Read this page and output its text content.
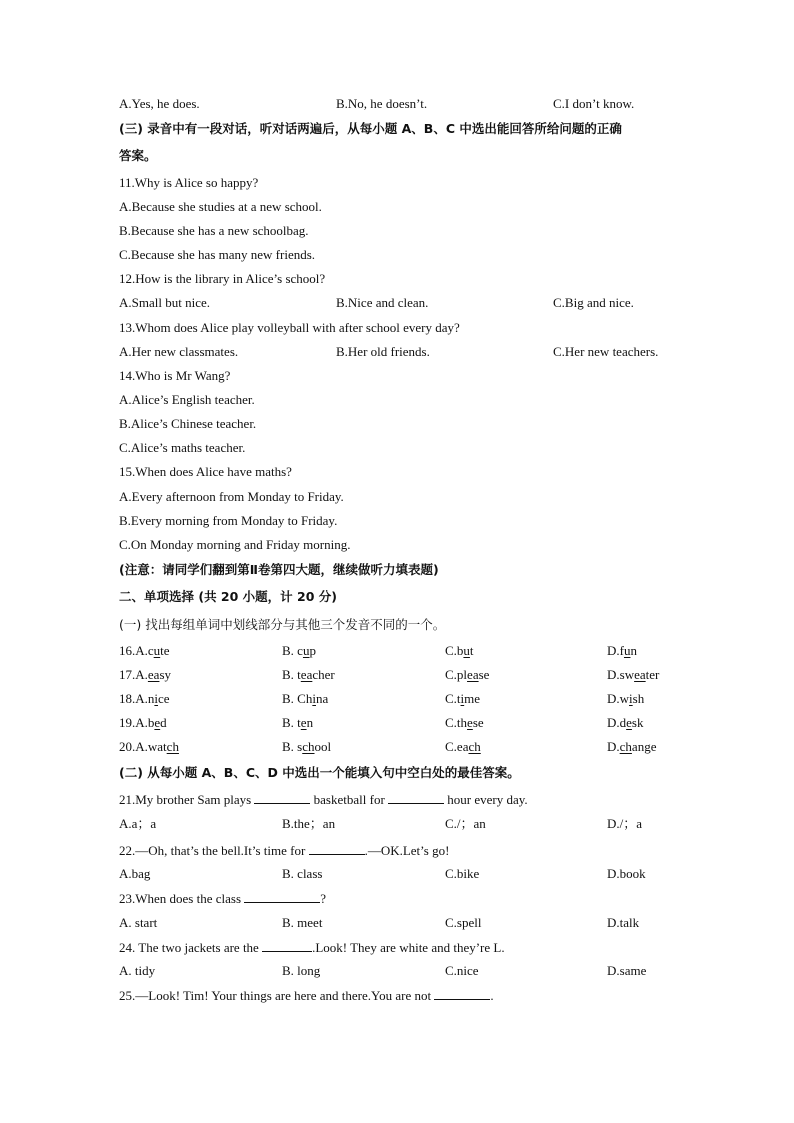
A.Yes, he does.	B.No, he doesn’t.	C.I don’t know.
(三) 录音中有一段对话，听对话两遍后，从每小题 A、B、C 中选出能回答所给问题的正确
答案。
11.Why is Alice so happy?
A.Because she studies at a new school.
B.Because she has a new schoolbag.
C.Because she has many new friends.
12.How is the library in Alice’s school?
A.Small but nice.	B.Nice and clean.	C.Big and nice.
13.Whom does Alice play volleyball with after school every day?
A.Her new classmates.	B.Her old friends.	C.Her new teachers.
14.Who is Mr Wang?
A.Alice’s English teacher.
B.Alice’s Chinese teacher.
C.Alice’s maths teacher.
15.When does Alice have maths?
A.Every afternoon from Monday to Friday.
B.Every morning from Monday to Friday.
C.On Monday morning and Friday morning.
(注意：请同学们翻到第Ⅱ卷第四大题，继续做听力填表题)
二、单项选择 (共 20 小题，计 20 分)
(一) 找出每组单词中划线部分与其他三个发音不同的一个。
16.A.cute	B. cup	C.but	D.fun
17.A.easy	B. teacher	C.please	D.sweater
18.A.nice	B. China	C.time	D.wish
19.A.bed	B. ten	C.these	D.desk
20.A.watch	B. school	C.each	D.change
(二) 从每小题 A、B、C、D 中选出一个能填入句中空白处的最佳答案。
21.My brother Sam plays	basketball for	hour every day.
A.a；a	B.the；an	C./；an	D./；a
22.—Oh, that’s the bell.It’s time for	.—OK.Let’s go!
A.bag	B. class	C.bike	D.book
23.When does the class	?
A. start	B. meet	C.spell	D.talk
24. The two jackets are the	.Look! They are white and they’re L.
A. tidy	B. long	C.nice	D.same
25.—Look! Tim! Your things are here and there.You are not	.
